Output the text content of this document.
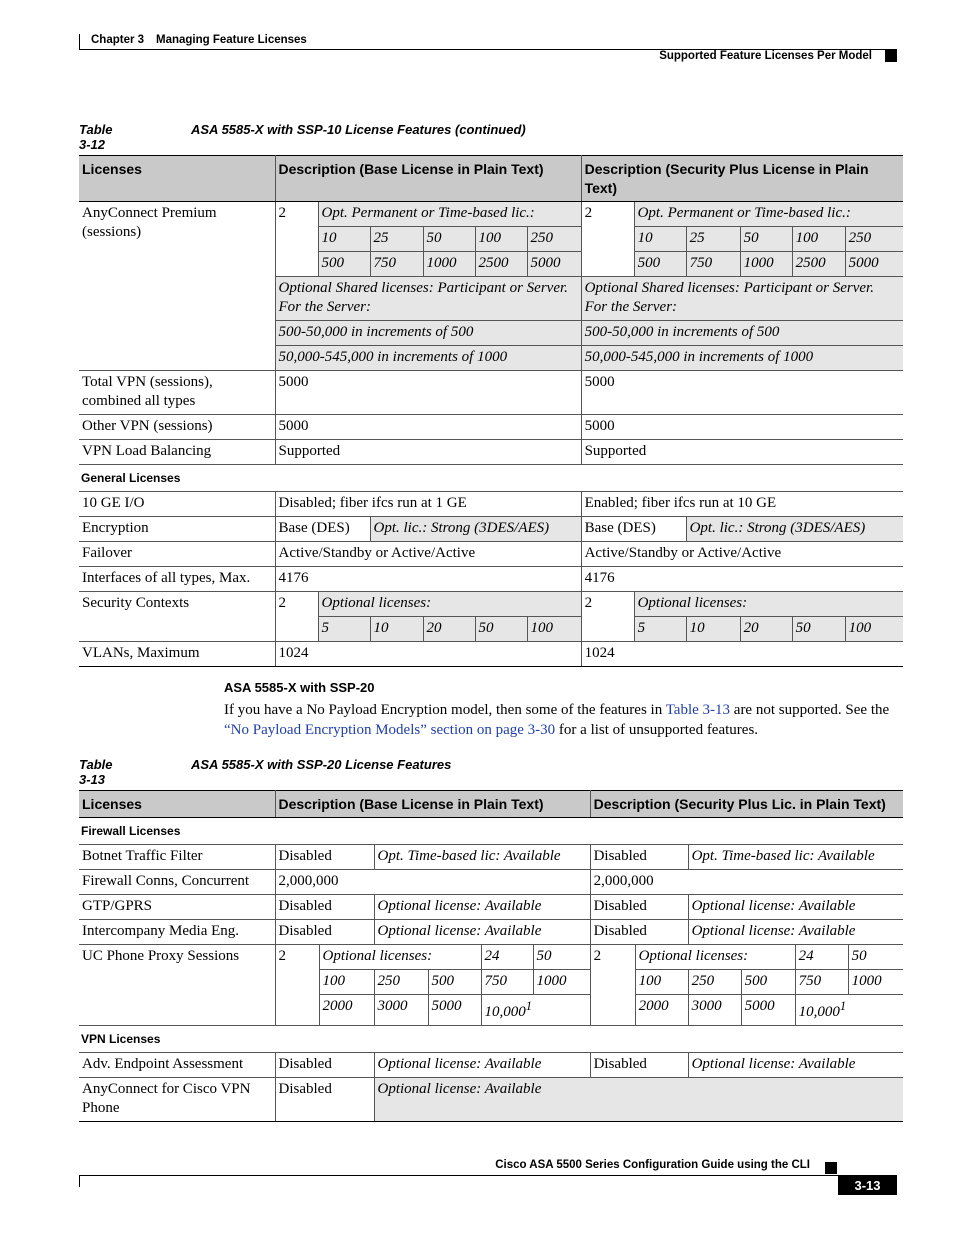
Chapter 3 Managing Feature Licenses
Supported Feature Licenses Per Model
Table 3-12
ASA 5585-X with SSP-10 License Features (continued)
Licenses	Description (Base License in Plain Text)						Description (Security Plus License in Plain Text)					
AnyConnect Premium (sessions)	2	Opt. Permanent or Time-based lic.:					2	Opt. Permanent or Time-based lic.:				
		10	25	50	100	250		10	25	50	100	250
		500	750	1000	2500	5000		500	750	1000	2500	5000
	Optional Shared licenses: Participant or Server. For the Server:						Optional Shared licenses: Participant or Server. For the Server:					
	500-50,000 in increments of 500						500-50,000 in increments of 500					
	50,000-545,000 in increments of 1000						50,000-545,000 in increments of 1000					
Total VPN (sessions), combined all types	5000						5000					
Other VPN (sessions)	5000						5000					
VPN Load Balancing	Supported						Supported					
General Licenses												
10 GE I/O	Disabled; fiber ifcs run at 1 GE						Enabled; fiber ifcs run at 10 GE					
Encryption	Base (DES)		Opt. lic.: Strong (3DES/AES)				Base (DES)		Opt. lic.: Strong (3DES/AES)			
Failover	Active/Standby or Active/Active						Active/Standby or Active/Active					
Interfaces of all types, Max.	4176						4176					
Security Contexts	2	Optional licenses:					2	Optional licenses:				
		5	10	20	50	100		5	10	20	50	100
VLANs, Maximum	1024						1024					
ASA 5585-X with SSP-20
If you have a No Payload Encryption model, then some of the features in Table 3-13 are not supported. See the “No Payload Encryption Models” section on page 3-30 for a list of unsupported features.
Table 3-13
ASA 5585-X with SSP-20 License Features
Licenses	Description (Base License in Plain Text)						Description (Security Plus Lic. in Plain Text)					
Firewall Licenses												
Botnet Traffic Filter	Disabled		Opt. Time-based lic: Available				Disabled		Opt. Time-based lic: Available			
Firewall Conns, Concurrent	2,000,000						2,000,000					
GTP/GPRS	Disabled		Optional license: Available				Disabled		Optional license: Available			
Intercompany Media Eng.	Disabled		Optional license: Available				Disabled		Optional license: Available			
UC Phone Proxy Sessions	2	Optional licenses:			24	50	2	Optional licenses:			24	50
		100	250	500	750	1000		100	250	500	750	1000
		2000	3000	5000	10,000$^1$			2000	3000	5000	10,000$^1$
VPN Licenses												
Adv. Endpoint Assessment	Disabled		Optional license: Available				Disabled		Optional license: Available			
AnyConnect for Cisco VPN Phone	Disabled		Optional license: Available									
Cisco ASA 5500 Series Configuration Guide using the CLI
3-13
